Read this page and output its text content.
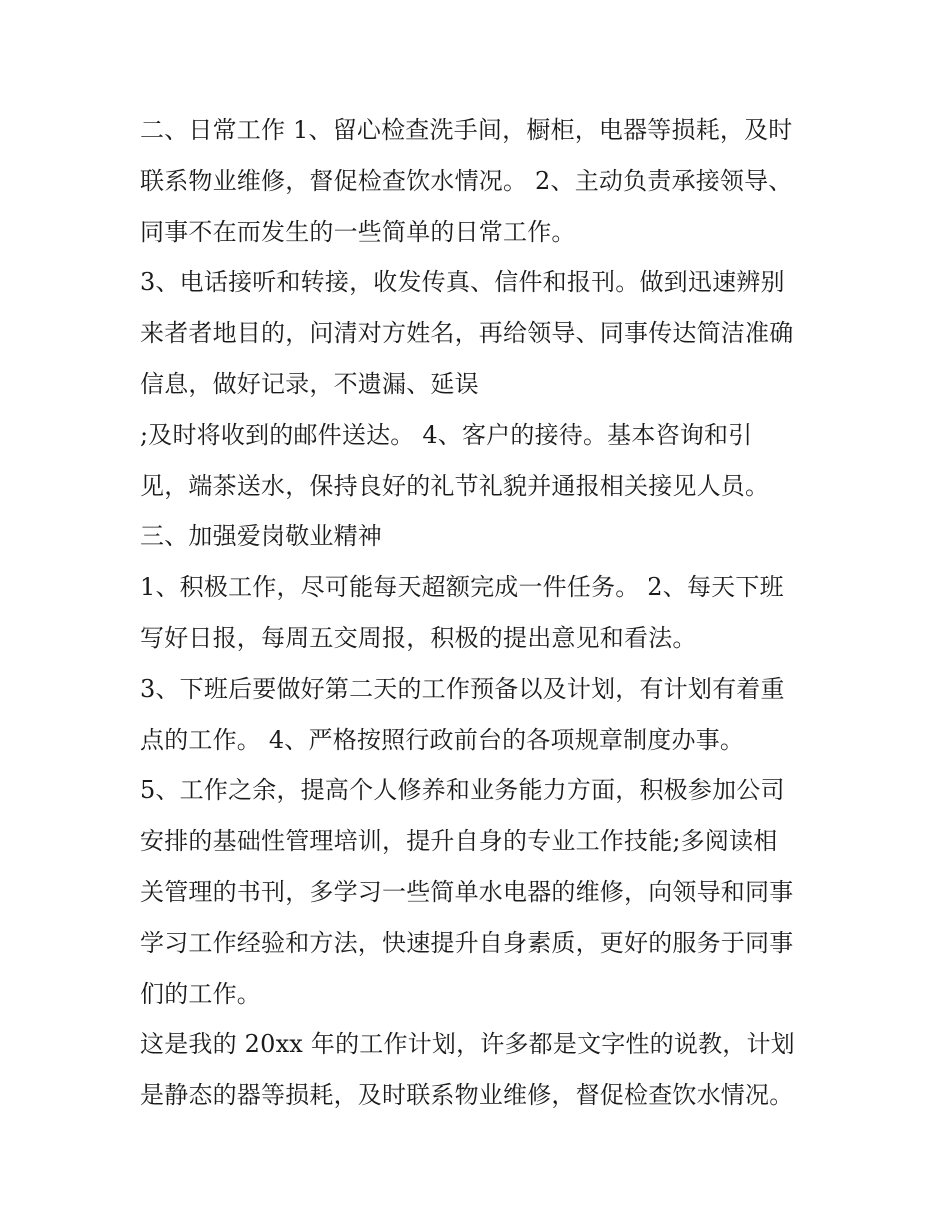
二、日常工作 1、留心检查洗手间，橱柜，电器等损耗，及时
联系物业维修，督促检查饮水情况。 2、主动负责承接领导、
同事不在而发生的一些简单的日常工作。
3、电话接听和转接，收发传真、信件和报刊。做到迅速辨别
来者者地目的，问清对方姓名，再给领导、同事传达简洁准确
信息，做好记录，不遗漏、延误
;及时将收到的邮件送达。 4、客户的接待。基本咨询和引
见，端茶送水，保持良好的礼节礼貌并通报相关接见人员。
三、加强爱岗敬业精神
1、积极工作，尽可能每天超额完成一件任务。 2、每天下班
写好日报，每周五交周报，积极的提出意见和看法。
3、下班后要做好第二天的工作预备以及计划，有计划有着重
点的工作。 4、严格按照行政前台的各项规章制度办事。
5、工作之余，提高个人修养和业务能力方面，积极参加公司
安排的基础性管理培训，提升自身的专业工作技能;多阅读相
关管理的书刊，多学习一些简单水电器的维修，向领导和同事
学习工作经验和方法，快速提升自身素质，更好的服务于同事
们的工作。
这是我的 20xx 年的工作计划，许多都是文字性的说教，计划
是静态的器等损耗，及时联系物业维修，督促检查饮水情况。
